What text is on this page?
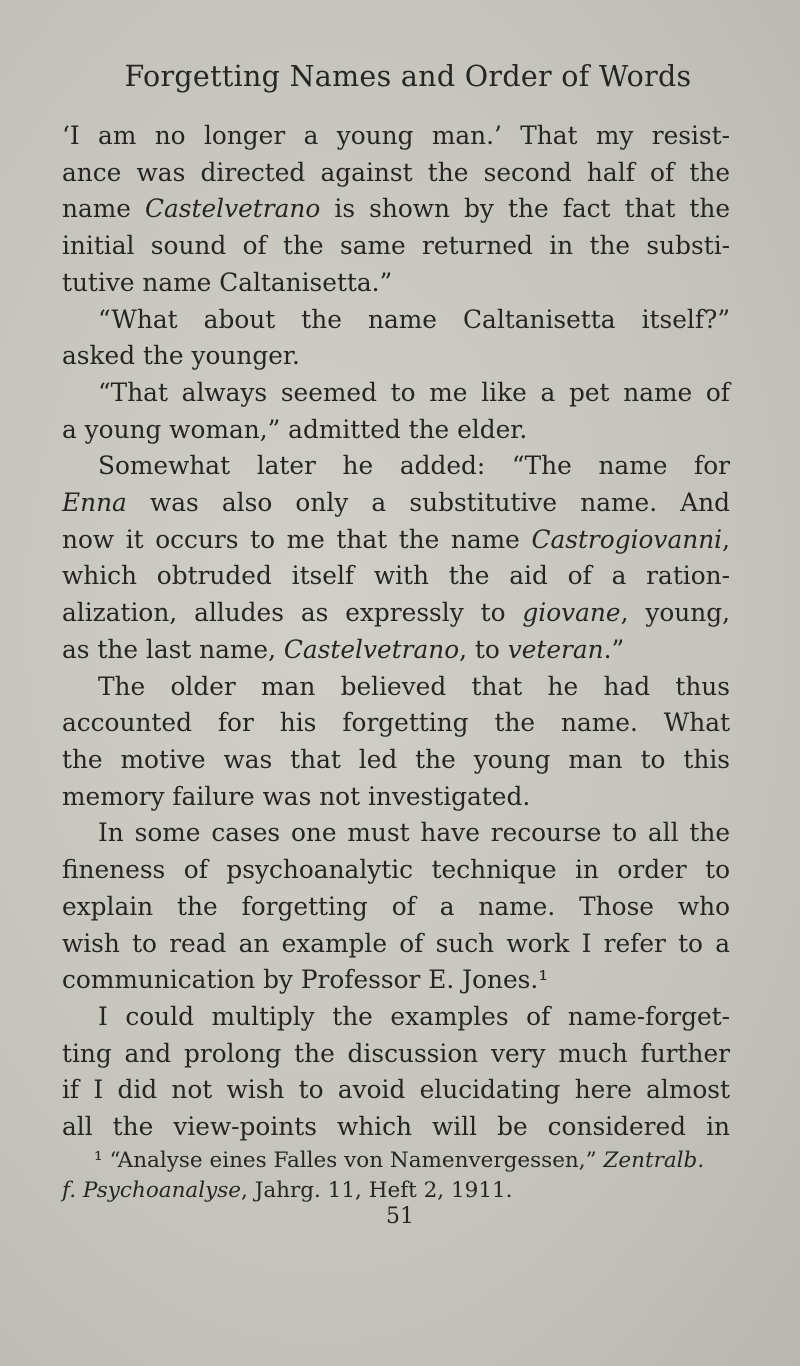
Forgetting Names and Order of Words

‘I am no longer a young man.’ That my resist-

ance was directed against the second half of the

name Castelvetrano is shown by the fact that the

initial sound of the same returned in the substi-

tutive name Caltanisetta.”

“What about the name Caltanisetta itself?”

asked the younger.

“That always seemed to me like a pet name of

a young woman,” admitted the elder.

Somewhat later he added: “The name for

Enna was also only a substitutive name. And

now it occurs to me that the name Castrogiovanni,

which obtruded itself with the aid of a ration-

alization, alludes as expressly to giovane, young,

as the last name, Castelvetrano, to veteran.”

The older man believed that he had thus

accounted for his forgetting the name. What

the motive was that led the young man to this

memory failure was not investigated.

In some cases one must have recourse to all the

fineness of psychoanalytic technique in order to

explain the forgetting of a name. Those who

wish to read an example of such work I refer to a

communication by Professor E. Jones.¹

I could multiply the examples of name-forget-

ting and prolong the discussion very much further

if I did not wish to avoid elucidating here almost

all the view-points which will be considered in

¹ “Analyse eines Falles von Namenvergessen,” Zentralb.

f. Psychoanalyse, Jahrg. 11, Heft 2, 1911.

51
